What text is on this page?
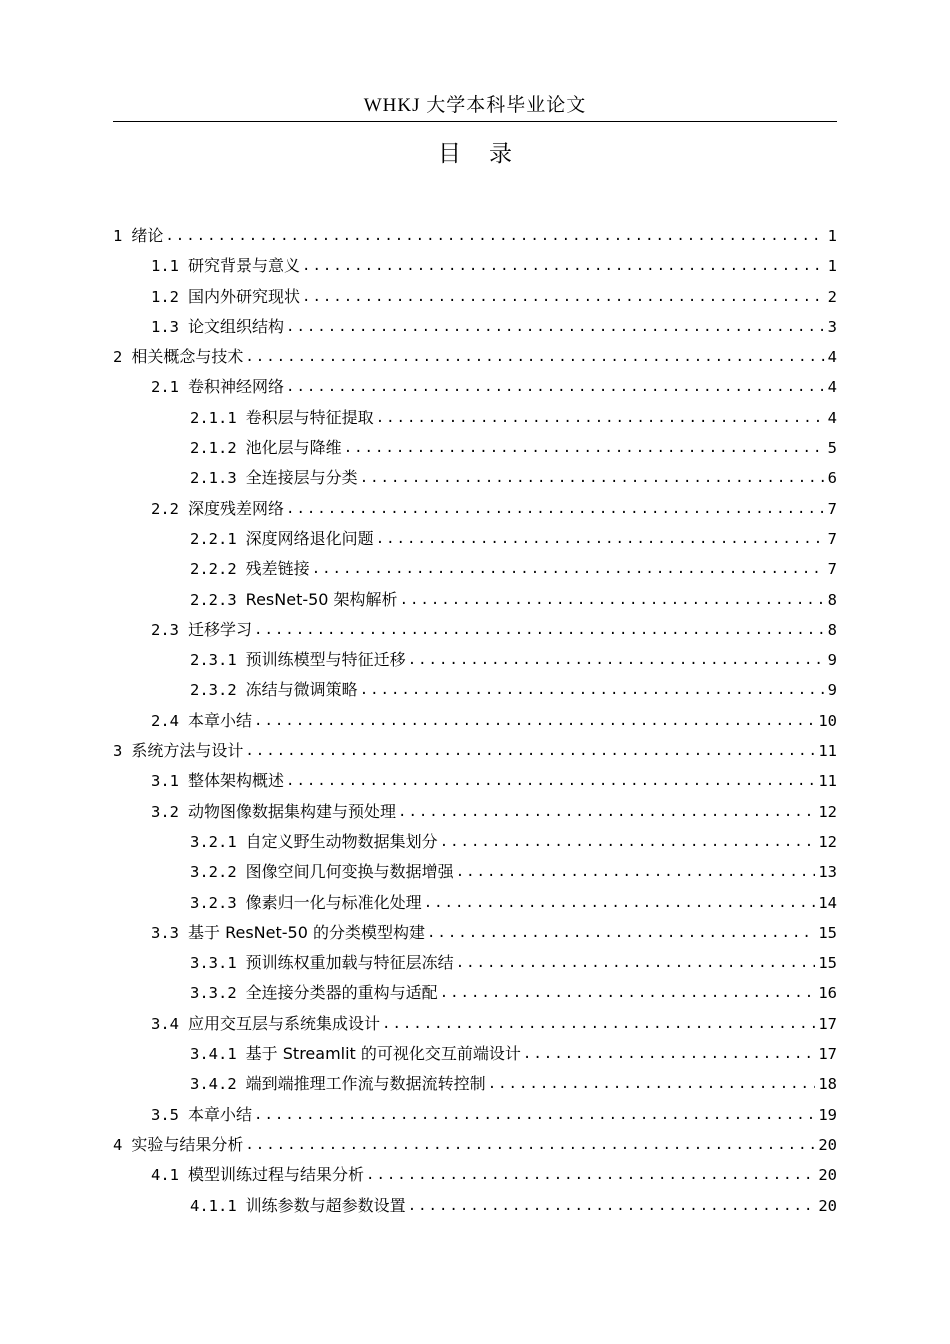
WHKJ 大学本科毕业论文
目录
1 绪论 .....	1
1.1 研究背景与意义 .....	1
1.2 国内外研究现状 .....	2
1.3 论文组织结构 .....	3
2 相关概念与技术 .....	4
2.1 卷积神经网络 .....	4
2.1.1 卷积层与特征提取 .....	4
2.1.2 池化层与降维 .....	5
2.1.3 全连接层与分类 .....	6
2.2 深度残差网络 .....	7
2.2.1 深度网络退化问题 .....	7
2.2.2 残差链接 .....	7
2.2.3 ResNet-50 架构解析 .....	8
2.3 迁移学习 .....	8
2.3.1 预训练模型与特征迁移 .....	9
2.3.2 冻结与微调策略 .....	9
2.4 本章小结 .....	10
3 系统方法与设计 .....	11
3.1 整体架构概述 .....	11
3.2 动物图像数据集构建与预处理 .....	12
3.2.1 自定义野生动物数据集划分 .....	12
3.2.2 图像空间几何变换与数据增强 .....	13
3.2.3 像素归一化与标准化处理 .....	14
3.3 基于 ResNet-50 的分类模型构建 .....	15
3.3.1 预训练权重加载与特征层冻结 .....	15
3.3.2 全连接分类器的重构与适配 .....	16
3.4 应用交互层与系统集成设计 .....	17
3.4.1 基于 Streamlit 的可视化交互前端设计 .....	17
3.4.2 端到端推理工作流与数据流转控制 .....	18
3.5 本章小结 .....	19
4 实验与结果分析 .....	20
4.1 模型训练过程与结果分析 .....	20
4.1.1 训练参数与超参数设置 .....	20
